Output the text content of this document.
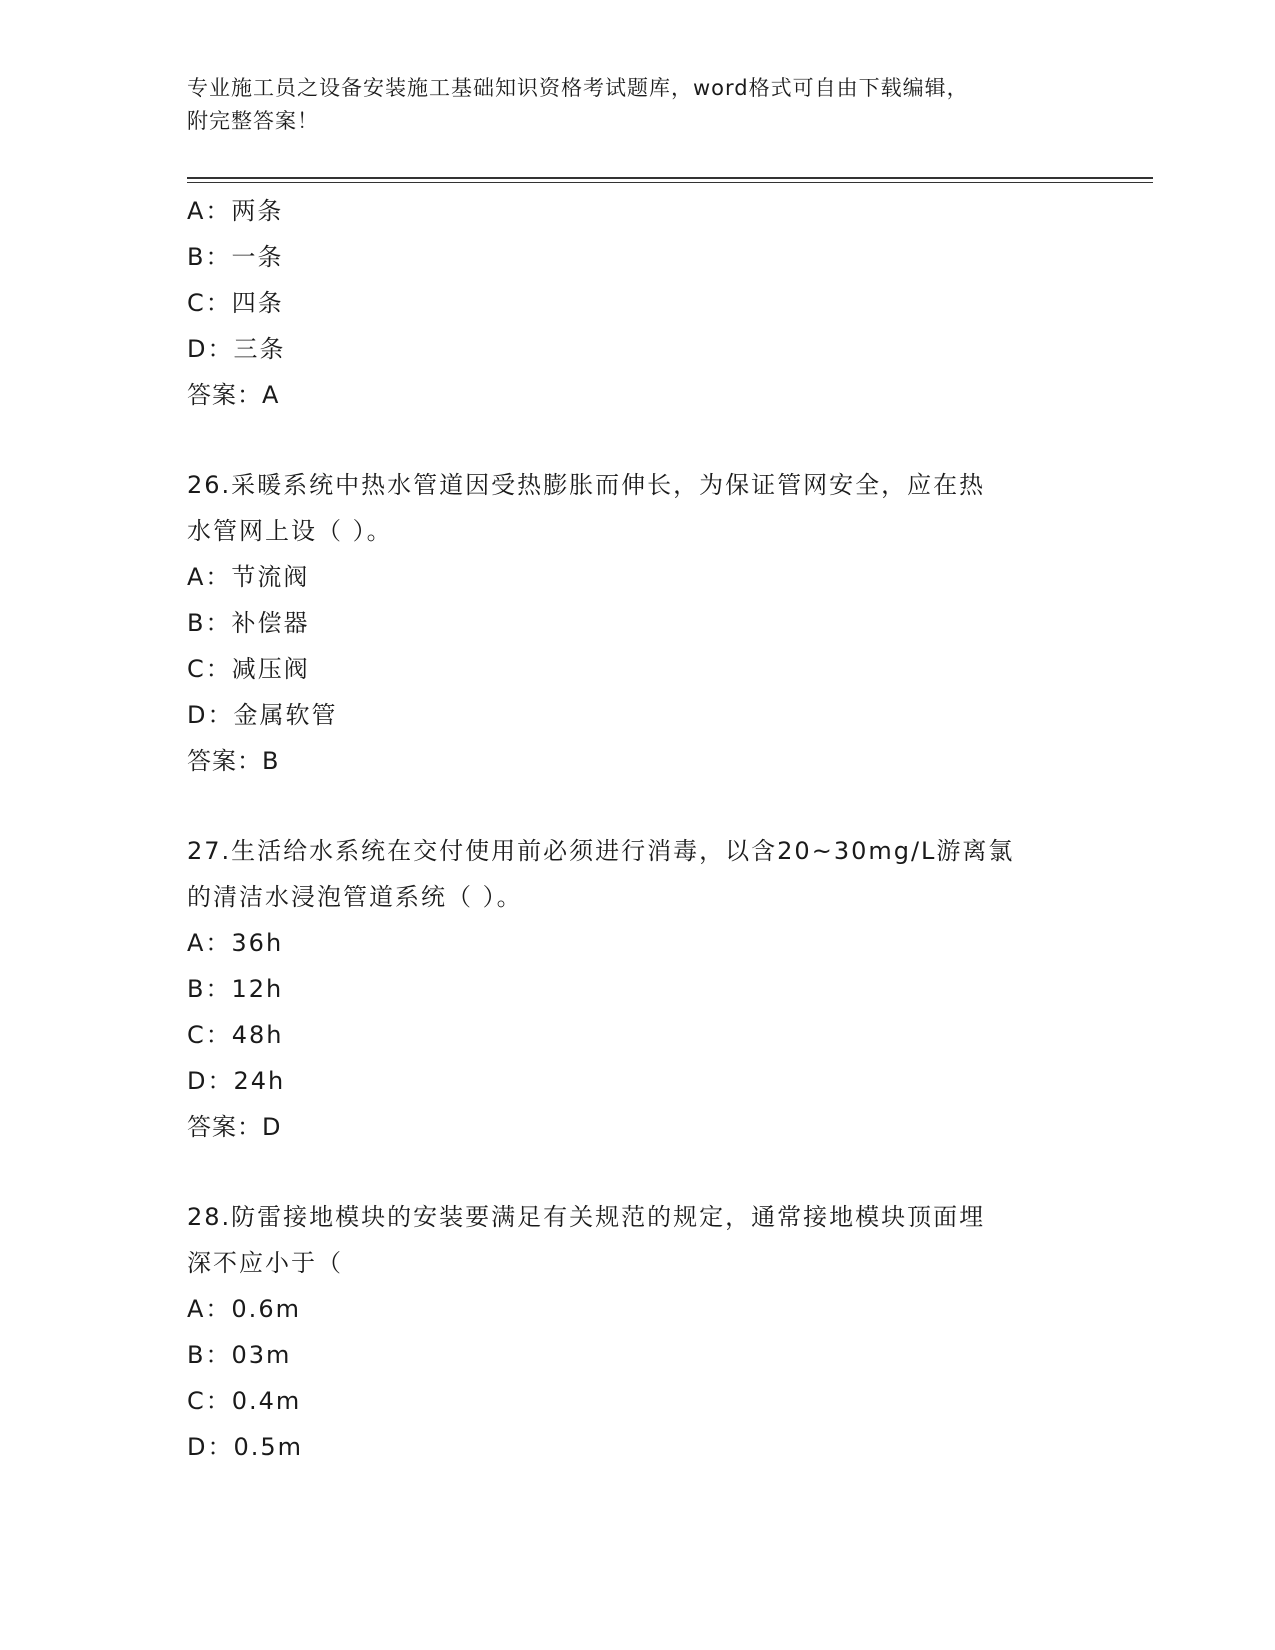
专业施工员之设备安装施工基础知识资格考试题库，word格式可自由下载编辑，
附完整答案！
A：两条
B：一条
C：四条
D：三条
答案：A
26.采暖系统中热水管道因受热膨胀而伸长，为保证管网安全，应在热
水管网上设（ ）。
A：节流阀
B：补偿器
C：减压阀
D：金属软管
答案：B
27.生活给水系统在交付使用前必须进行消毒，以含20~30mg/L游离氯
的清洁水浸泡管道系统（ ）。
A：36h
B：12h
C：48h
D：24h
答案：D
28.防雷接地模块的安装要满足有关规范的规定，通常接地模块顶面埋
深不应小于（
A：0.6m
B：03m
C：0.4m
D：0.5m
